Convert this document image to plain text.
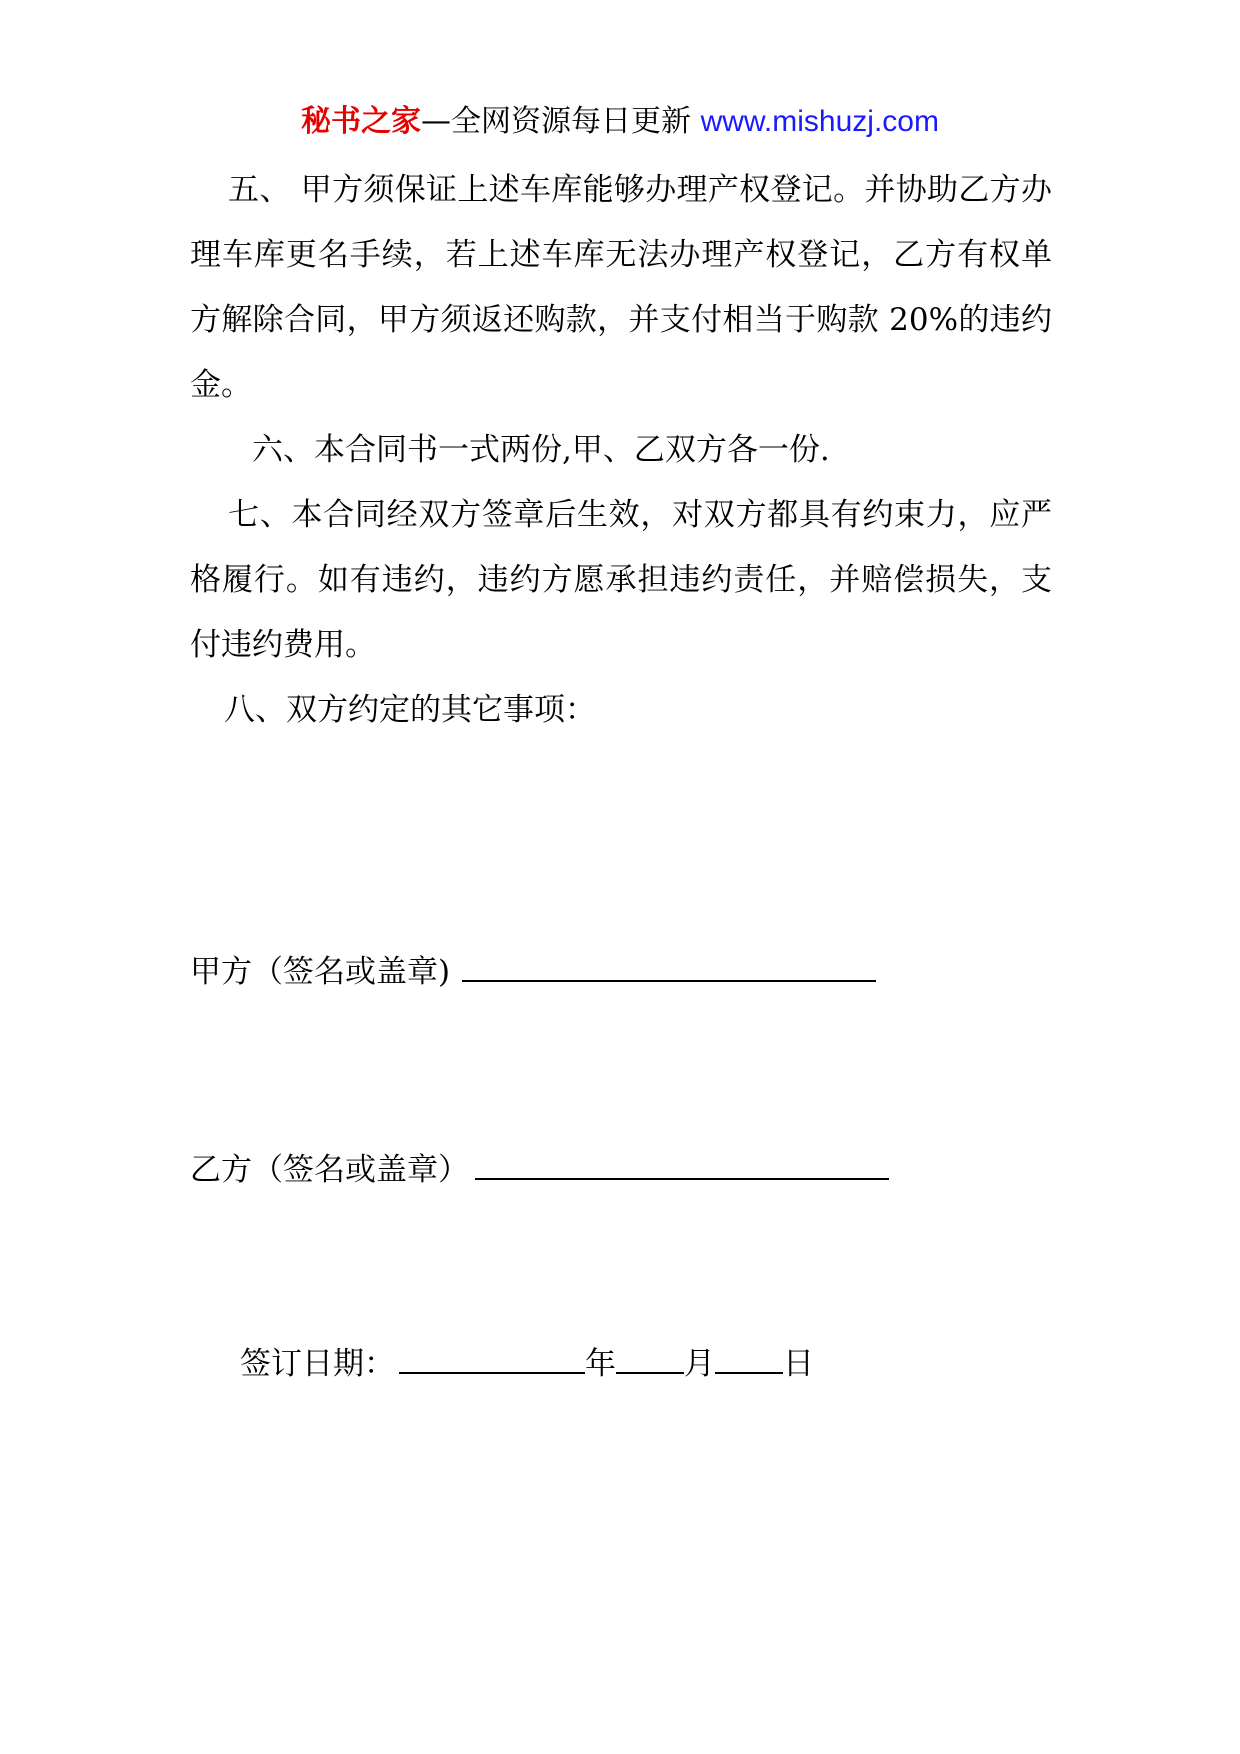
秘书之家—全网资源每日更新 www.mishuzj.com

五、 甲方须保证上述车库能够办理产权登记。并协助乙方办理车库更名手续，若上述车库无法办理产权登记，乙方有权单方解除合同，甲方须返还购款，并支付相当于购款 20%的违约金。

六、本合同书一式两份,甲、乙双方各一份.

七、本合同经双方签章后生效，对双方都具有约束力，应严格履行。如有违约，违约方愿承担违约责任，并赔偿损失，支付违约费用。

八、双方约定的其它事项：

甲方（签名或盖章)
乙方（签名或盖章）
签订日期：	年 月 日
